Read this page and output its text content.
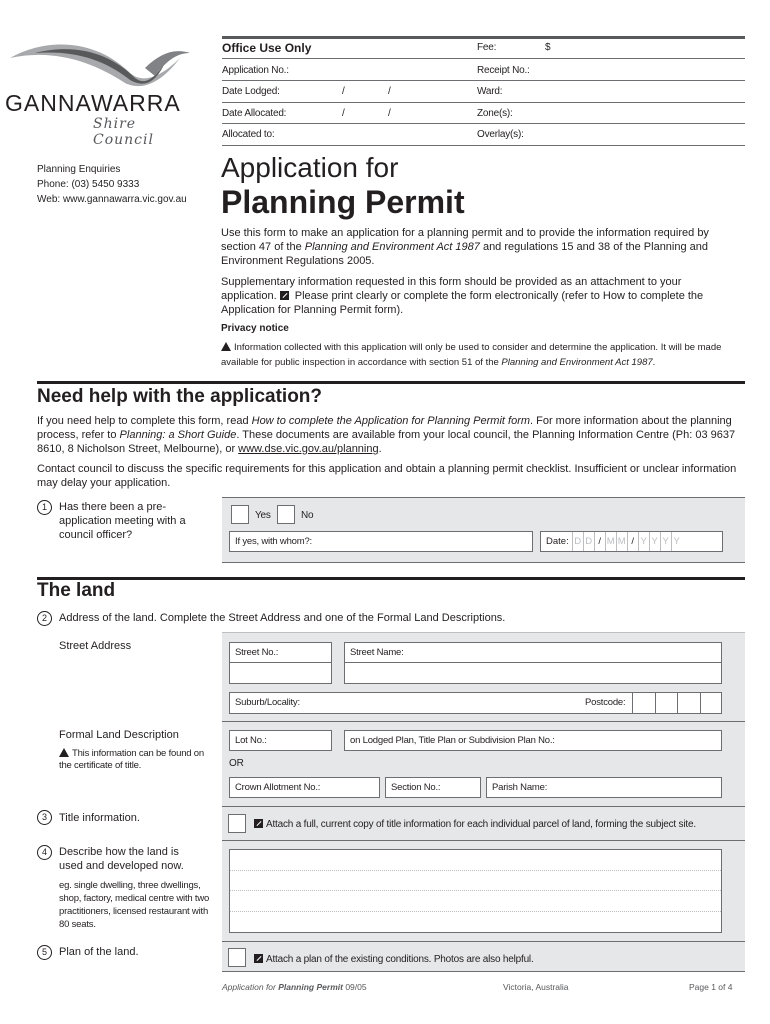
GANNAWARRA
Shire Council
Planning Enquiries
Phone: (03) 5450 9333
Web: www.gannawarra.vic.gov.au
Office Use Only	Fee:	$
Application No.:	Receipt No.:
Date Lodged:	/	/	Ward:
Date Allocated:	/	/	Zone(s):
Allocated to:	Overlay(s):
Application for
Planning Permit
Use this form to make an application for a planning permit and to provide the information required by section 47 of the Planning and Environment Act 1987 and regulations 15 and 38 of the Planning and Environment Regulations 2005.
Supplementary information requested in this form should be provided as an attachment to your application.  Please print clearly or complete the form electronically (refer to How to complete the Application for Planning Permit form).
Privacy notice
Information collected with this application will only be used to consider and determine the application. It will be made available for public inspection in accordance with section 51 of the Planning and Environment Act 1987.
Need help with the application?
If you need help to complete this form, read How to complete the Application for Planning Permit form. For more information about the planning process, refer to Planning: a Short Guide. These documents are available from your local council, the Planning Information Centre (Ph: 03 9637 8610, 8 Nicholson Street, Melbourne), or www.dse.vic.gov.au/planning.
Contact council to discuss the specific requirements for this application and obtain a planning permit checklist. Insufficient or unclear information may delay your application.
1	Has there been a pre-application meeting with a council officer?
Yes	No
If yes, with whom?:	Date: D D / M M / Y Y Y Y
The land
2	Address of the land. Complete the Street Address and one of the Formal Land Descriptions.
Street Address
Street No.:	Street Name:
Suburb/Locality:	Postcode:
Formal Land Description
This information can be found on the certificate of title.
Lot No.:	on Lodged Plan, Title Plan or Subdivision Plan No.:
OR
Crown Allotment No.:	Section No.:	Parish Name:
3	Title information.
Attach a full, current copy of title information for each individual parcel of land, forming the subject site.
4	Describe how the land is used and developed now.
eg. single dwelling, three dwellings, shop, factory, medical centre with two practitioners, licensed restaurant with 80 seats.
5	Plan of the land.
Attach a plan of the existing conditions. Photos are also helpful.
Application for Planning Permit 09/05	Victoria, Australia	Page 1 of 4
